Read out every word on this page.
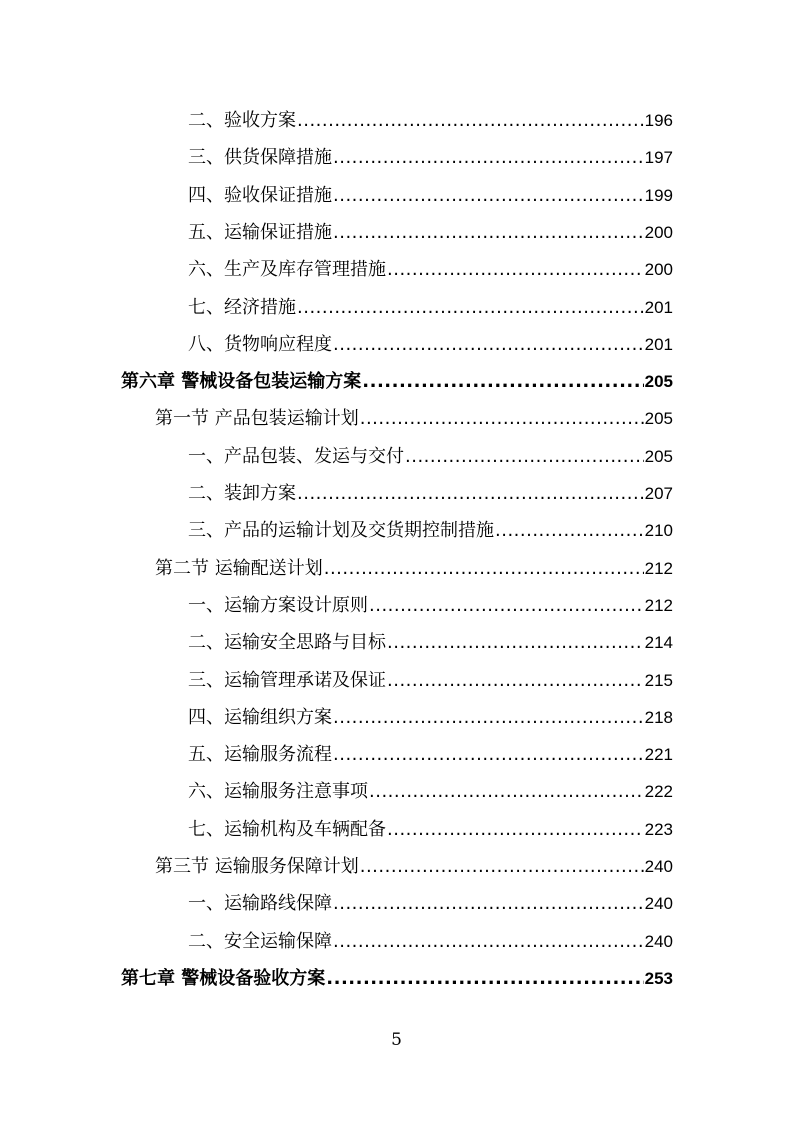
二、验收方案 .....	196
三、供货保障措施 .....	197
四、验收保证措施 .....	199
五、运输保证措施 .....	200
六、生产及库存管理措施 .....	200
七、经济措施 .....	201
八、货物响应程度 .....	201
第六章 警械设备包装运输方案 .....	205
第一节 产品包装运输计划 .....	205
一、产品包装、发运与交付 .....	205
二、装卸方案 .....	207
三、产品的运输计划及交货期控制措施 .....	210
第二节 运输配送计划 .....	212
一、运输方案设计原则 .....	212
二、运输安全思路与目标 .....	214
三、运输管理承诺及保证 .....	215
四、运输组织方案 .....	218
五、运输服务流程 .....	221
六、运输服务注意事项 .....	222
七、运输机构及车辆配备 .....	223
第三节 运输服务保障计划 .....	240
一、运输路线保障 .....	240
二、安全运输保障 .....	240
第七章 警械设备验收方案 .....	253
5
